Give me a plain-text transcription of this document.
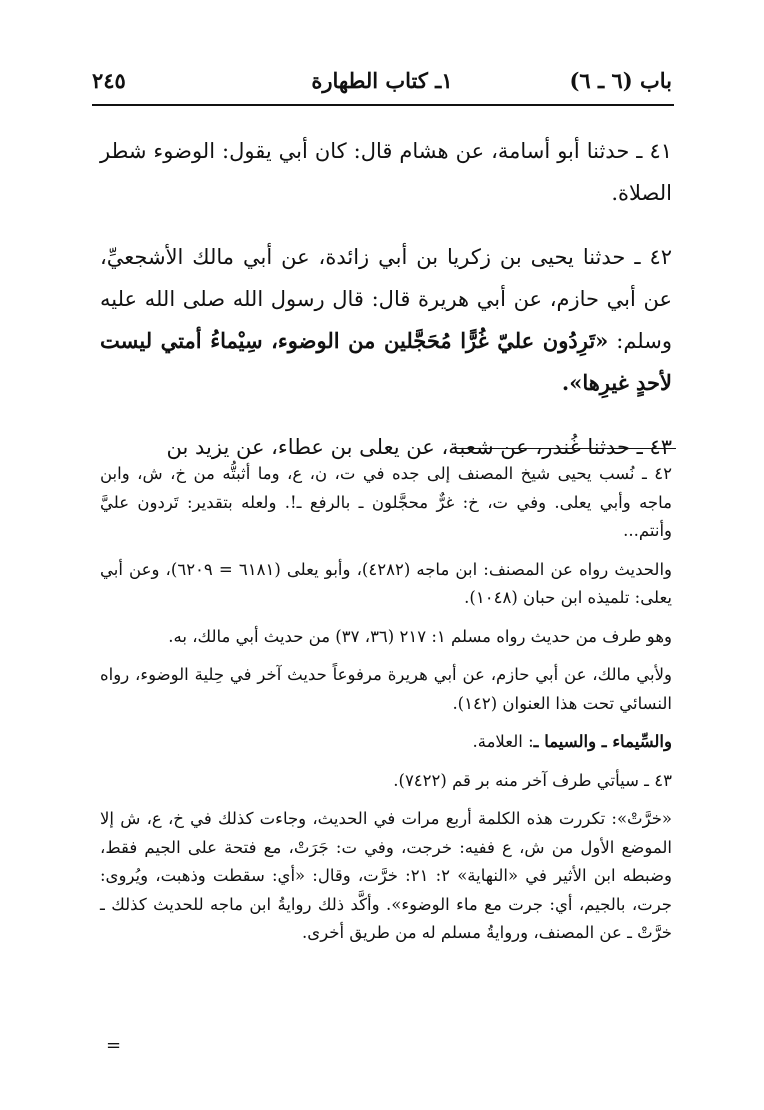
باب (٦ ـ ٦)
١ـ كتاب الطهارة
٢٤٥

٤١ ـ حدثنا أبو أسامة، عن هشام قال: كان أبي يقول: الوضوء شطر الصلاة.

٤٢ ـ حدثنا يحيى بن زكريا بن أبي زائدة، عن أبي مالك الأشجعيِّ، عن أبي حازم، عن أبي هريرة قال: قال رسول الله صلى الله عليه وسلم: «تَرِدُون عليّ غُرًّا مُحَجَّلين من الوضوء، سِيْماءُ أمتي ليست لأحدٍ غيرِها».

٤٣ ـ حدثنا غُندر، عن شعبة، عن يعلى بن عطاء، عن يزيد بن

٤٢ ـ نُسب يحيى شيخ المصنف إلى جده في ت، ن، ع، وما أثبتُّه من خ، ش، وابن ماجه وأبي يعلى. وفي ت، خ: غرٌّ محجَّلون ـ بالرفع ـ!. ولعله بتقدير: تَردون عليَّ وأنتم...

والحديث رواه عن المصنف: ابن ماجه (٤٢٨٢)، وأبو يعلى (٦١٨١ = ٦٢٠٩)، وعن أبي يعلى: تلميذه ابن حبان (١٠٤٨).

وهو طرف من حديث رواه مسلم ١: ٢١٧ (٣٦، ٣٧) من حديث أبي مالك، به.

ولأبي مالك، عن أبي حازم، عن أبي هريرة مرفوعاً حديث آخر في حِلية الوضوء، رواه النسائي تحت هذا العنوان (١٤٢).

والسِّيماء ـ والسيما ـ: العلامة.

٤٣ ـ سيأتي طرف آخر منه بر قم (٧٤٢٢).

«خرَّتْ»: تكررت هذه الكلمة أربع مرات في الحديث، وجاءت كذلك في خ، ع، ش إلا الموضع الأول من ش، ع ففيه: خرجت، وفي ت: جَرَتْ، مع فتحة على الجيم فقط، وضبطه ابن الأثير في «النهاية» ٢: ٢١: خرَّت، وقال: «أي: سقطت وذهبت، ويُروى: جرت، بالجيم، أي: جرت مع ماء الوضوء». وأكَّد ذلك روايةُ ابن ماجه للحديث كذلك ـ خرَّتْ ـ عن المصنف، وروايةُ مسلم له من طريق أخرى.

=
